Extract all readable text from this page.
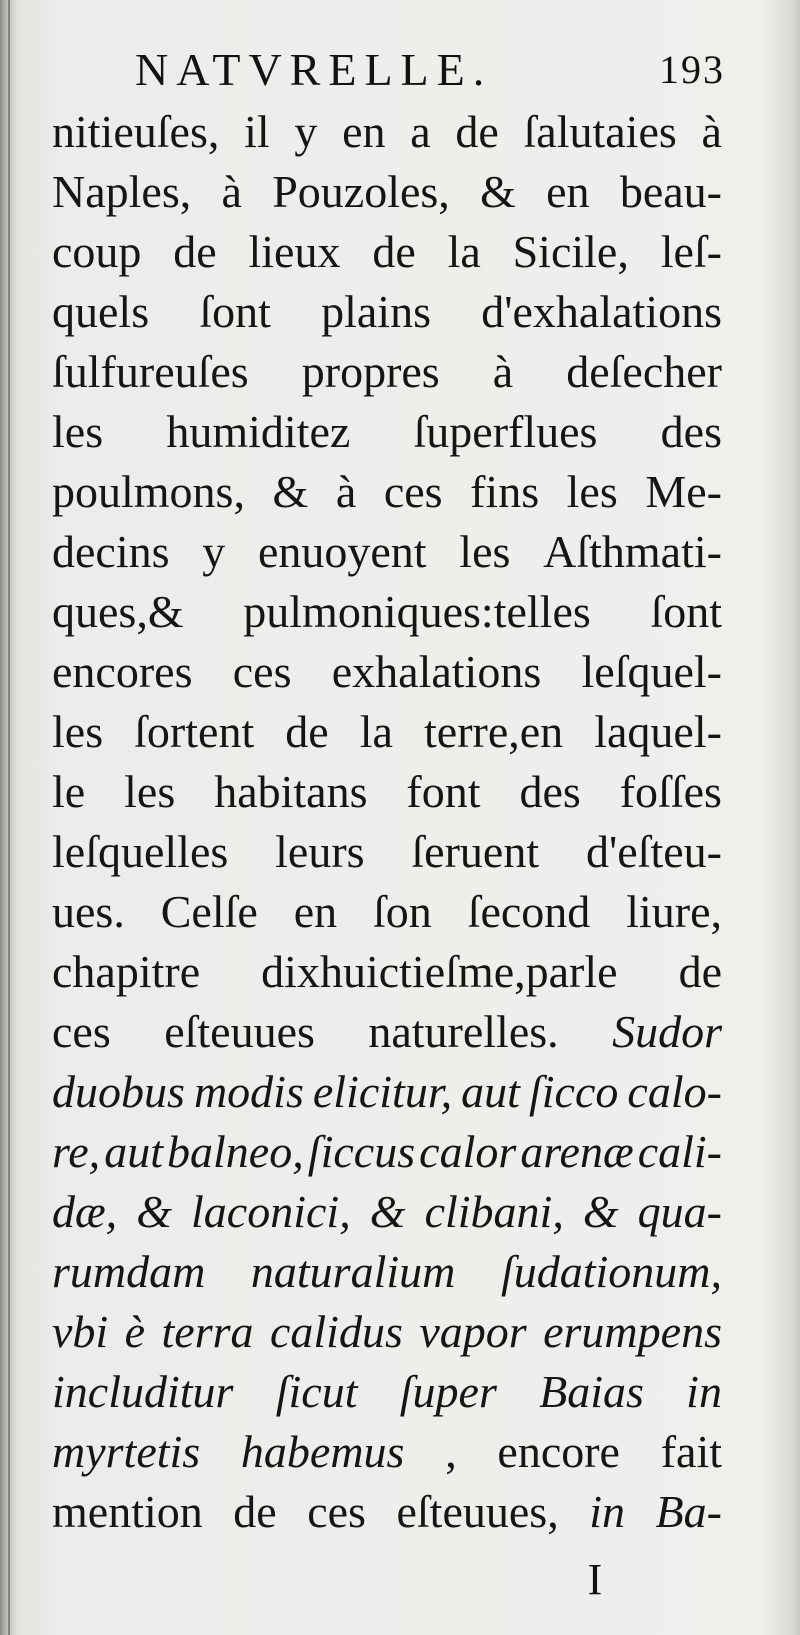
NATVRELLE.	193
nitieuſes, il y en a de ſalutaies à
Naples, à Pouzoles, & en beau-
coup de lieux de la Sicile, leſ-
quels ſont plains d'exhalations
ſulfureuſes propres à deſecher
les humiditez ſuperflues des
poulmons, & à ces fins les Me-
decins y enuoyent les Aſthmati-
ques,& pulmoniques:telles ſont
encores ces exhalations leſquel-
les ſortent de la terre,en laquel-
le les habitans font des foſſes
leſquelles leurs ſeruent d'eſteu-
ues. Celſe en ſon ſecond liure,
chapitre dixhuictieſme,parle de
ces eſteuues naturelles. Sudor
duobus modis elicitur, aut ſicco calo-
re, aut balneo, ſiccus calor arenæ cali-
dæ, & laconici, & clibani, & qua-
rumdam naturalium ſudationum,
vbi è terra calidus vapor erumpens
includitur ſicut ſuper Baias in
myrtetis habemus , encore fait
mention de ces eſteuues, in Ba-
I
